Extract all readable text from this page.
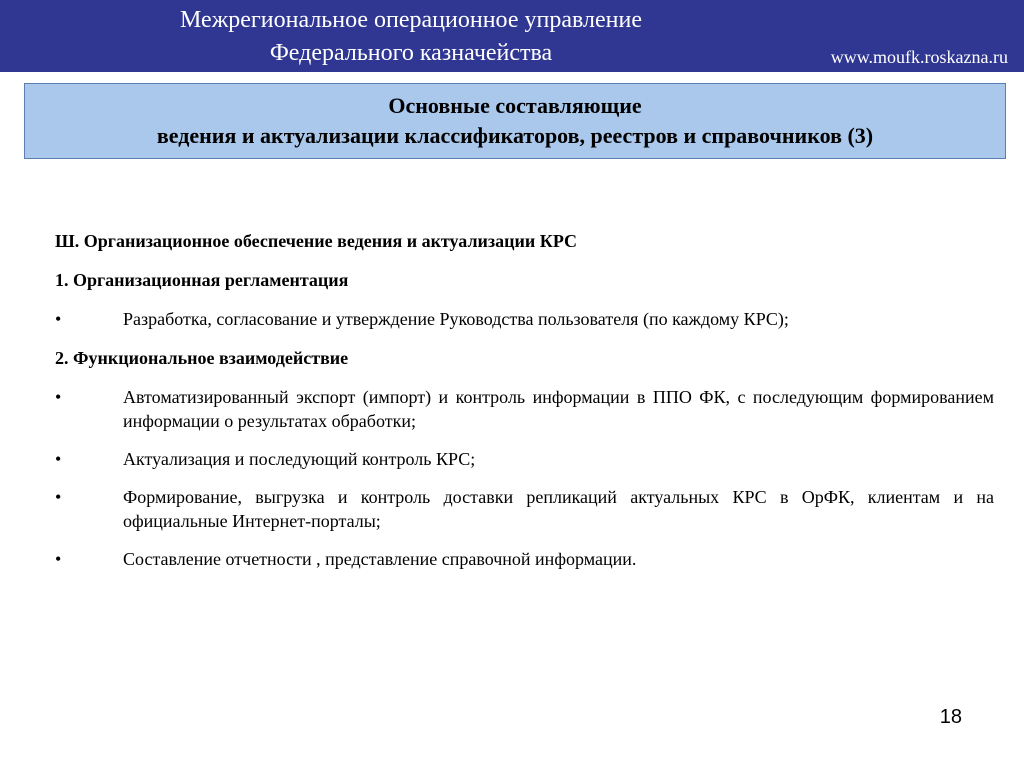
Межрегиональное операционное управление
Федерального казначейства	www.moufk.roskazna.ru
Основные составляющие
ведения и актуализации классификаторов, реестров и справочников (3)

Ш. Организационное обеспечение ведения и актуализации КРС

1. Организационная регламентация

•	Разработка, согласование и утверждение Руководства пользователя (по каждому КРС);

2. Функциональное взаимодействие

•	Автоматизированный экспорт (импорт) и контроль информации в ППО ФК, с последующим формированием информации о результатах обработки;
•	Актуализация и последующий контроль КРС;
•	Формирование, выгрузка и контроль доставки репликаций актуальных КРС в ОрФК, клиентам и на официальные Интернет-порталы;
•	Составление отчетности , представление справочной информации.
18
